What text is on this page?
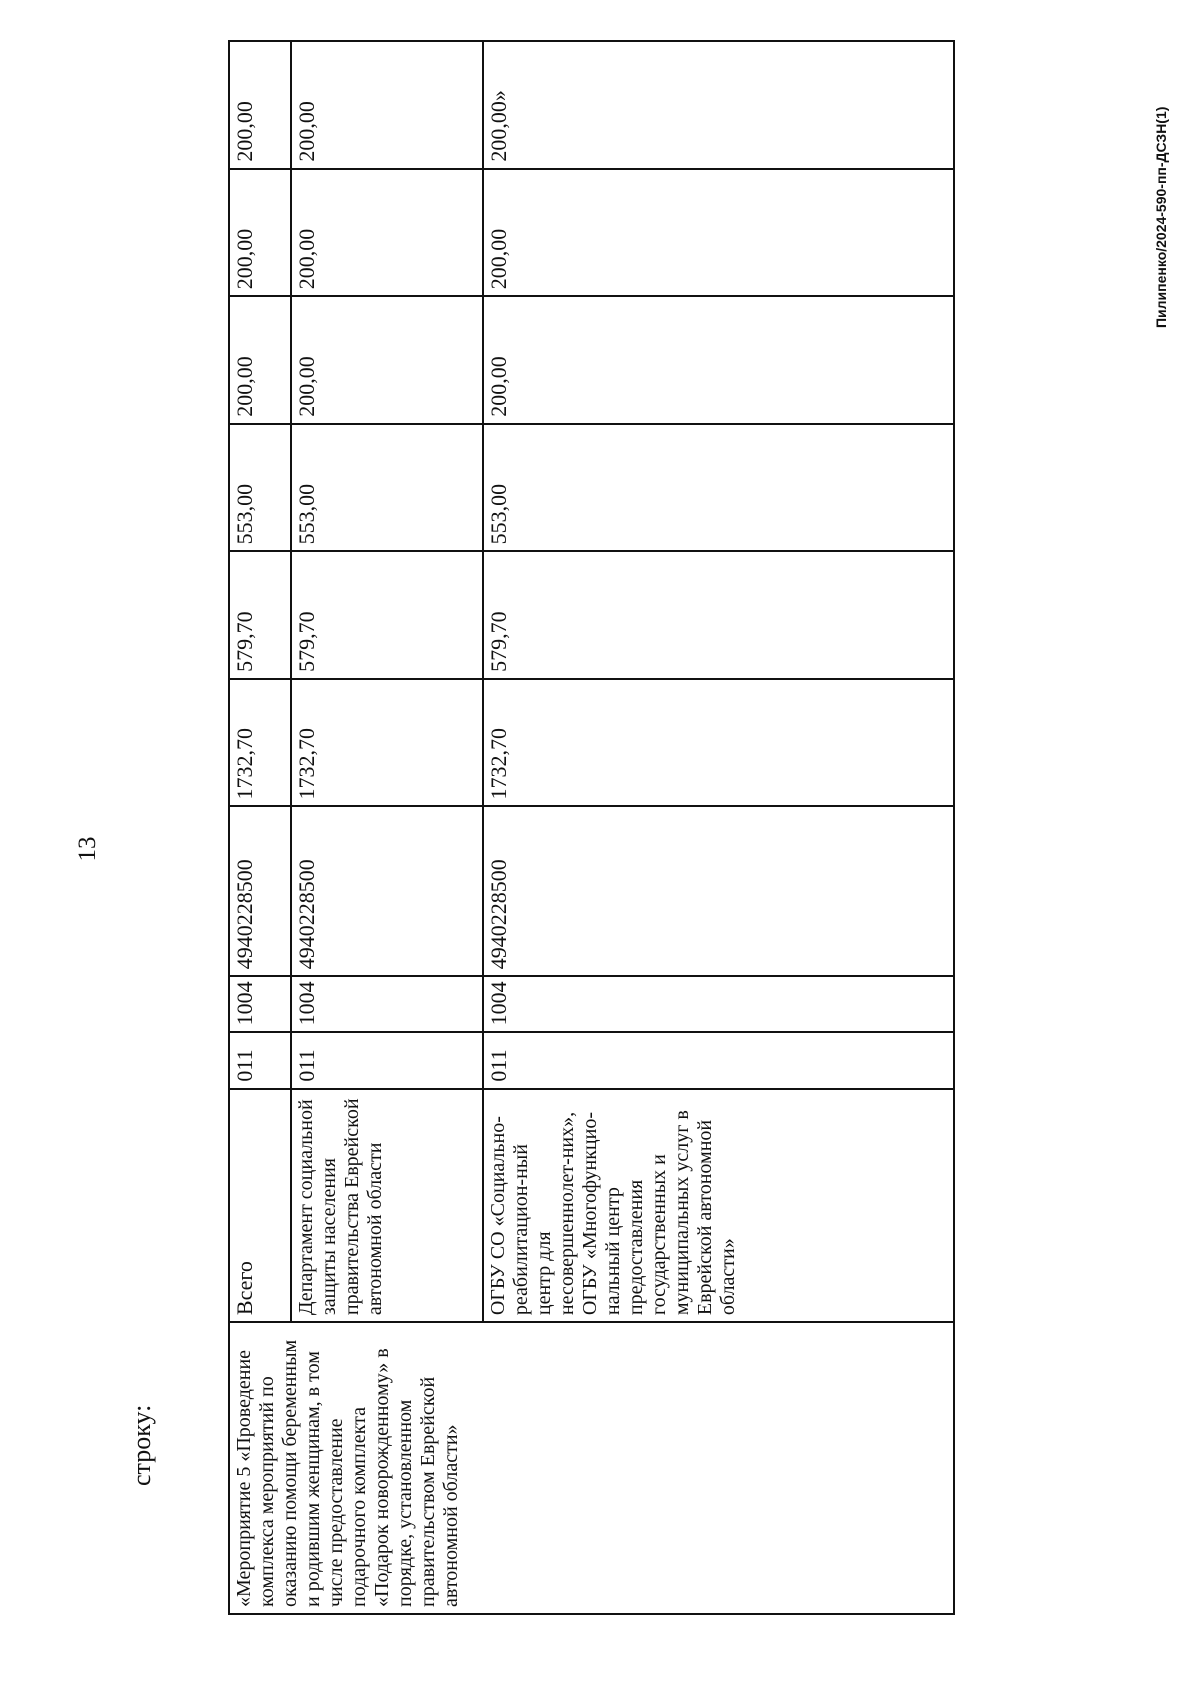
13
строку:
Пилипенко/2024-590-пп-ДСЗН(1)
«Мероприятие 5 «Проведение комплекса мероприятий по оказанию помощи беременным и родившим женщинам, в том числе предоставление подарочного комплекта «Подарок новорожденному» в порядке, установленном правительством Еврейской автономной области»	Всего	011	1004	4940228500	1732,70	579,70	553,00	200,00	200,00	200,00
	Департамент социальной защиты населения правительства Еврейской автономной области	011	1004	4940228500	1732,70	579,70	553,00	200,00	200,00	200,00
	ОГБУ СО «Социально-реабилитацион-ный центр для несовершеннолет-них», ОГБУ «Многофункцио-нальный центр предоставления государственных и муниципальных услуг в Еврейской автономной области»	011	1004	4940228500	1732,70	579,70	553,00	200,00	200,00	200,00»
